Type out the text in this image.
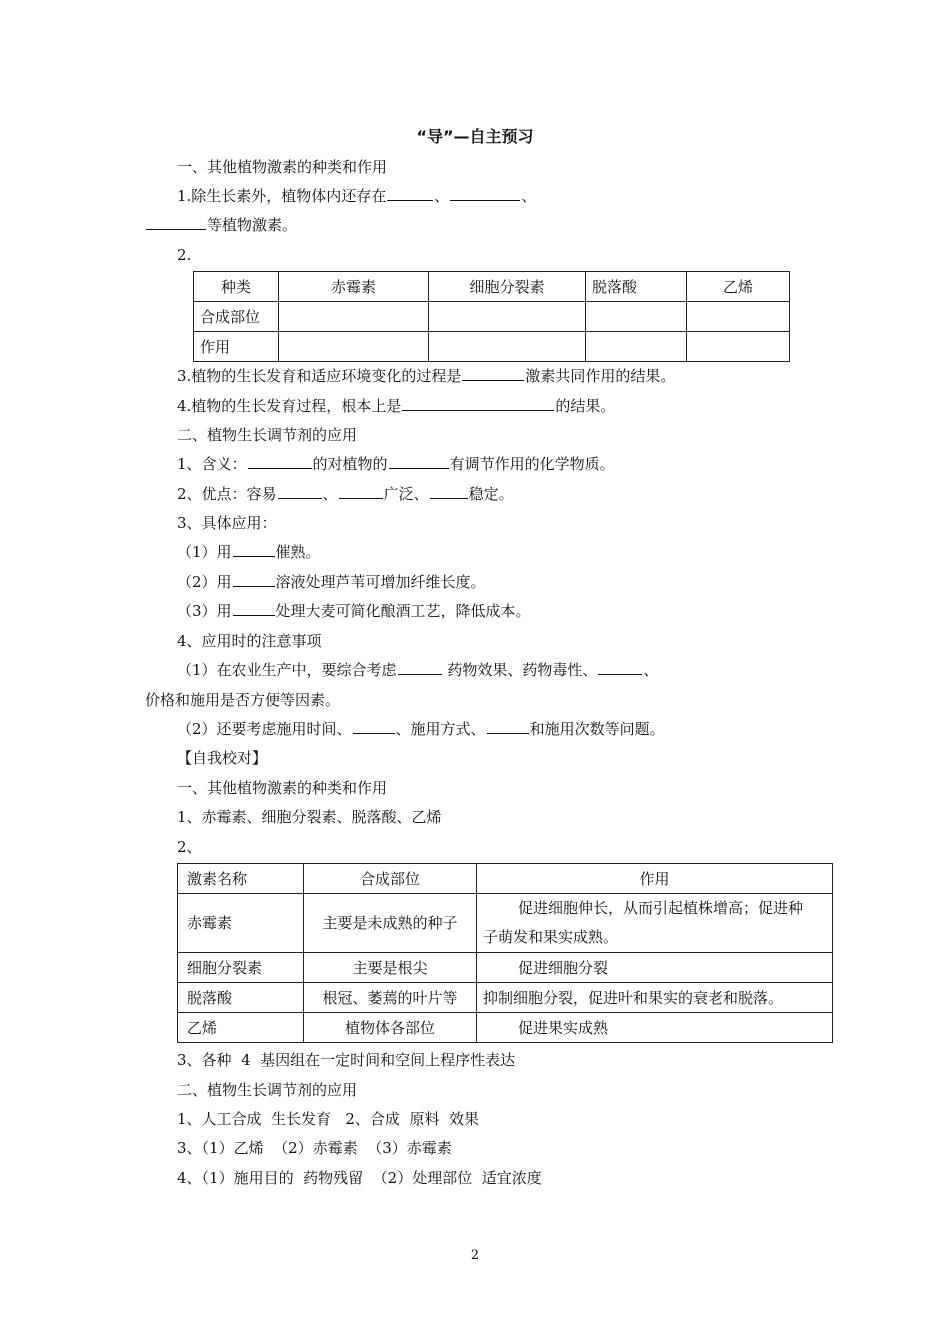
“导”—自主预习
一、其他植物激素的种类和作用
1.除生长素外，植物体内还存在	、	、
等植物激素。
2.
种类	赤霉素	细胞分裂素	脱落酸	乙烯
合成部位				
作用				
3.植物的生长发育和适应环境变化的过程是	激素共同作用的结果。
4.植物的生长发育过程，根本上是	的结果。
二、植物生长调节剂的应用
1、含义：	的对植物的	有调节作用的化学物质。
2、优点：容易	、	广泛、	稳定。
3、具体应用：
（1）用	催熟。
（2）用	溶液处理芦苇可增加纤维长度。
（3）用	处理大麦可简化酿酒工艺，降低成本。
4、应用时的注意事项
（1）在农业生产中，要综合考虑	药物效果、药物毒性、	、
价格和施用是否方便等因素。
（2）还要考虑施用时间、	、施用方式、	和施用次数等问题。
【自我校对】
一、其他植物激素的种类和作用
1、赤霉素、细胞分裂素、脱落酸、乙烯
2、
激素名称	合成部位	作用
赤霉素	主要是未成熟的种子	促进细胞伸长，从而引起植株增高；促进种
子萌发和果实成熟。

细胞分裂素	主要是根尖	促进细胞分裂
脱落酸	根冠、萎蔫的叶片等	抑制细胞分裂，促进叶和果实的衰老和脱落。
乙烯	植物体各部位	促进果实成熟
3、各种  4  基因组在一定时间和空间上程序性表达
二、植物生长调节剂的应用
1、人工合成  生长发育   2、合成  原料  效果
3、（1）乙烯  （2）赤霉素  （3）赤霉素
4、（1）施用目的  药物残留  （2）处理部位  适宜浓度
2
